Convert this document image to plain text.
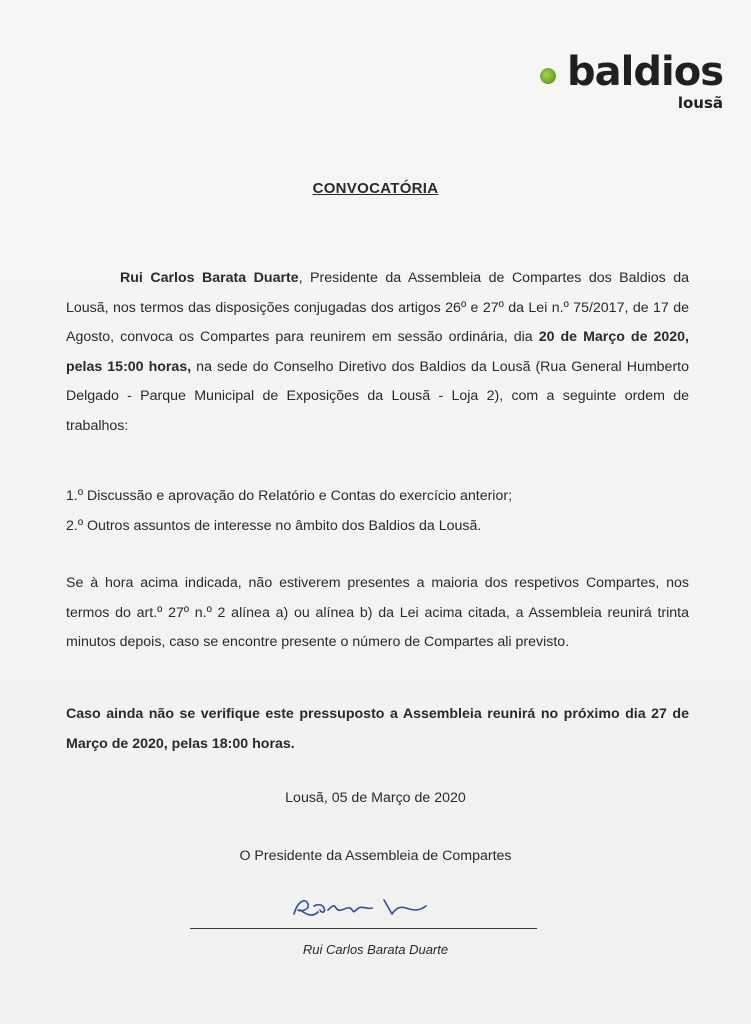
baldios
lousã
CONVOCATÓRIA
Rui Carlos Barata Duarte, Presidente da Assembleia de Compartes dos Baldios da Lousã, nos termos das disposições conjugadas dos artigos 26º e 27º da Lei n.º 75/2017, de 17 de Agosto, convoca os Compartes para reunirem em sessão ordinária, dia 20 de Março de 2020, pelas 15:00 horas, na sede do Conselho Diretivo dos Baldios da Lousã (Rua General Humberto Delgado - Parque Municipal de Exposições da Lousã - Loja 2), com a seguinte ordem de trabalhos:
1.º Discussão e aprovação do Relatório e Contas do exercício anterior;
2.º Outros assuntos de interesse no âmbito dos Baldios da Lousã.
Se à hora acima indicada, não estiverem presentes a maioria dos respetivos Compartes, nos termos do art.º 27º n.º 2 alínea a) ou alínea b) da Lei acima citada, a Assembleia reunirá trinta minutos depois, caso se encontre presente o número de Compartes ali previsto.
Caso ainda não se verifique este pressuposto a Assembleia reunirá no próximo dia 27 de Março de 2020, pelas 18:00 horas.
Lousã, 05 de Março de 2020
O Presidente da Assembleia de Compartes
Rui Carlos Barata Duarte
